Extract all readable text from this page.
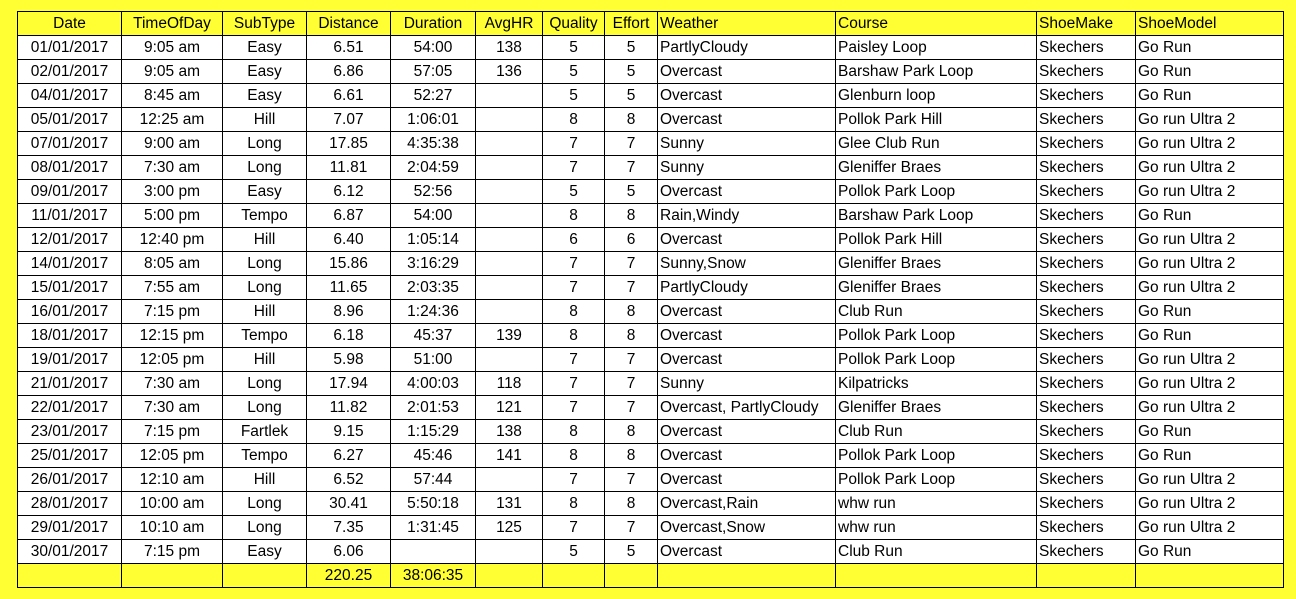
Date	TimeOfDay	SubType	Distance	Duration	AvgHR	Quality	Effort	Weather	Course	ShoeMake	ShoeModel
01/01/2017	9:05 am	Easy	6.51	54:00	138	5	5	PartlyCloudy	Paisley Loop	Skechers	Go Run
02/01/2017	9:05 am	Easy	6.86	57:05	136	5	5	Overcast	Barshaw Park Loop	Skechers	Go Run
04/01/2017	8:45 am	Easy	6.61	52:27		5	5	Overcast	Glenburn loop	Skechers	Go Run
05/01/2017	12:25 am	Hill	7.07	1:06:01		8	8	Overcast	Pollok Park Hill	Skechers	Go run Ultra 2
07/01/2017	9:00 am	Long	17.85	4:35:38		7	7	Sunny	Glee Club Run	Skechers	Go run Ultra 2
08/01/2017	7:30 am	Long	11.81	2:04:59		7	7	Sunny	Gleniffer Braes	Skechers	Go run Ultra 2
09/01/2017	3:00 pm	Easy	6.12	52:56		5	5	Overcast	Pollok Park Loop	Skechers	Go run Ultra 2
11/01/2017	5:00 pm	Tempo	6.87	54:00		8	8	Rain,Windy	Barshaw Park Loop	Skechers	Go Run
12/01/2017	12:40 pm	Hill	6.40	1:05:14		6	6	Overcast	Pollok Park Hill	Skechers	Go run Ultra 2
14/01/2017	8:05 am	Long	15.86	3:16:29		7	7	Sunny,Snow	Gleniffer Braes	Skechers	Go run Ultra 2
15/01/2017	7:55 am	Long	11.65	2:03:35		7	7	PartlyCloudy	Gleniffer Braes	Skechers	Go run Ultra 2
16/01/2017	7:15 pm	Hill	8.96	1:24:36		8	8	Overcast	Club Run	Skechers	Go Run
18/01/2017	12:15 pm	Tempo	6.18	45:37	139	8	8	Overcast	Pollok Park Loop	Skechers	Go Run
19/01/2017	12:05 pm	Hill	5.98	51:00		7	7	Overcast	Pollok Park Loop	Skechers	Go run Ultra 2
21/01/2017	7:30 am	Long	17.94	4:00:03	118	7	7	Sunny	Kilpatricks	Skechers	Go run Ultra 2
22/01/2017	7:30 am	Long	11.82	2:01:53	121	7	7	Overcast, PartlyCloudy	Gleniffer Braes	Skechers	Go run Ultra 2
23/01/2017	7:15 pm	Fartlek	9.15	1:15:29	138	8	8	Overcast	Club Run	Skechers	Go Run
25/01/2017	12:05 pm	Tempo	6.27	45:46	141	8	8	Overcast	Pollok Park Loop	Skechers	Go Run
26/01/2017	12:10 am	Hill	6.52	57:44		7	7	Overcast	Pollok Park Loop	Skechers	Go run Ultra 2
28/01/2017	10:00 am	Long	30.41	5:50:18	131	8	8	Overcast,Rain	whw run	Skechers	Go run Ultra 2
29/01/2017	10:10 am	Long	7.35	1:31:45	125	7	7	Overcast,Snow	whw run	Skechers	Go run Ultra 2
30/01/2017	7:15 pm	Easy	6.06			5	5	Overcast	Club Run	Skechers	Go Run
			220.25	38:06:35							
